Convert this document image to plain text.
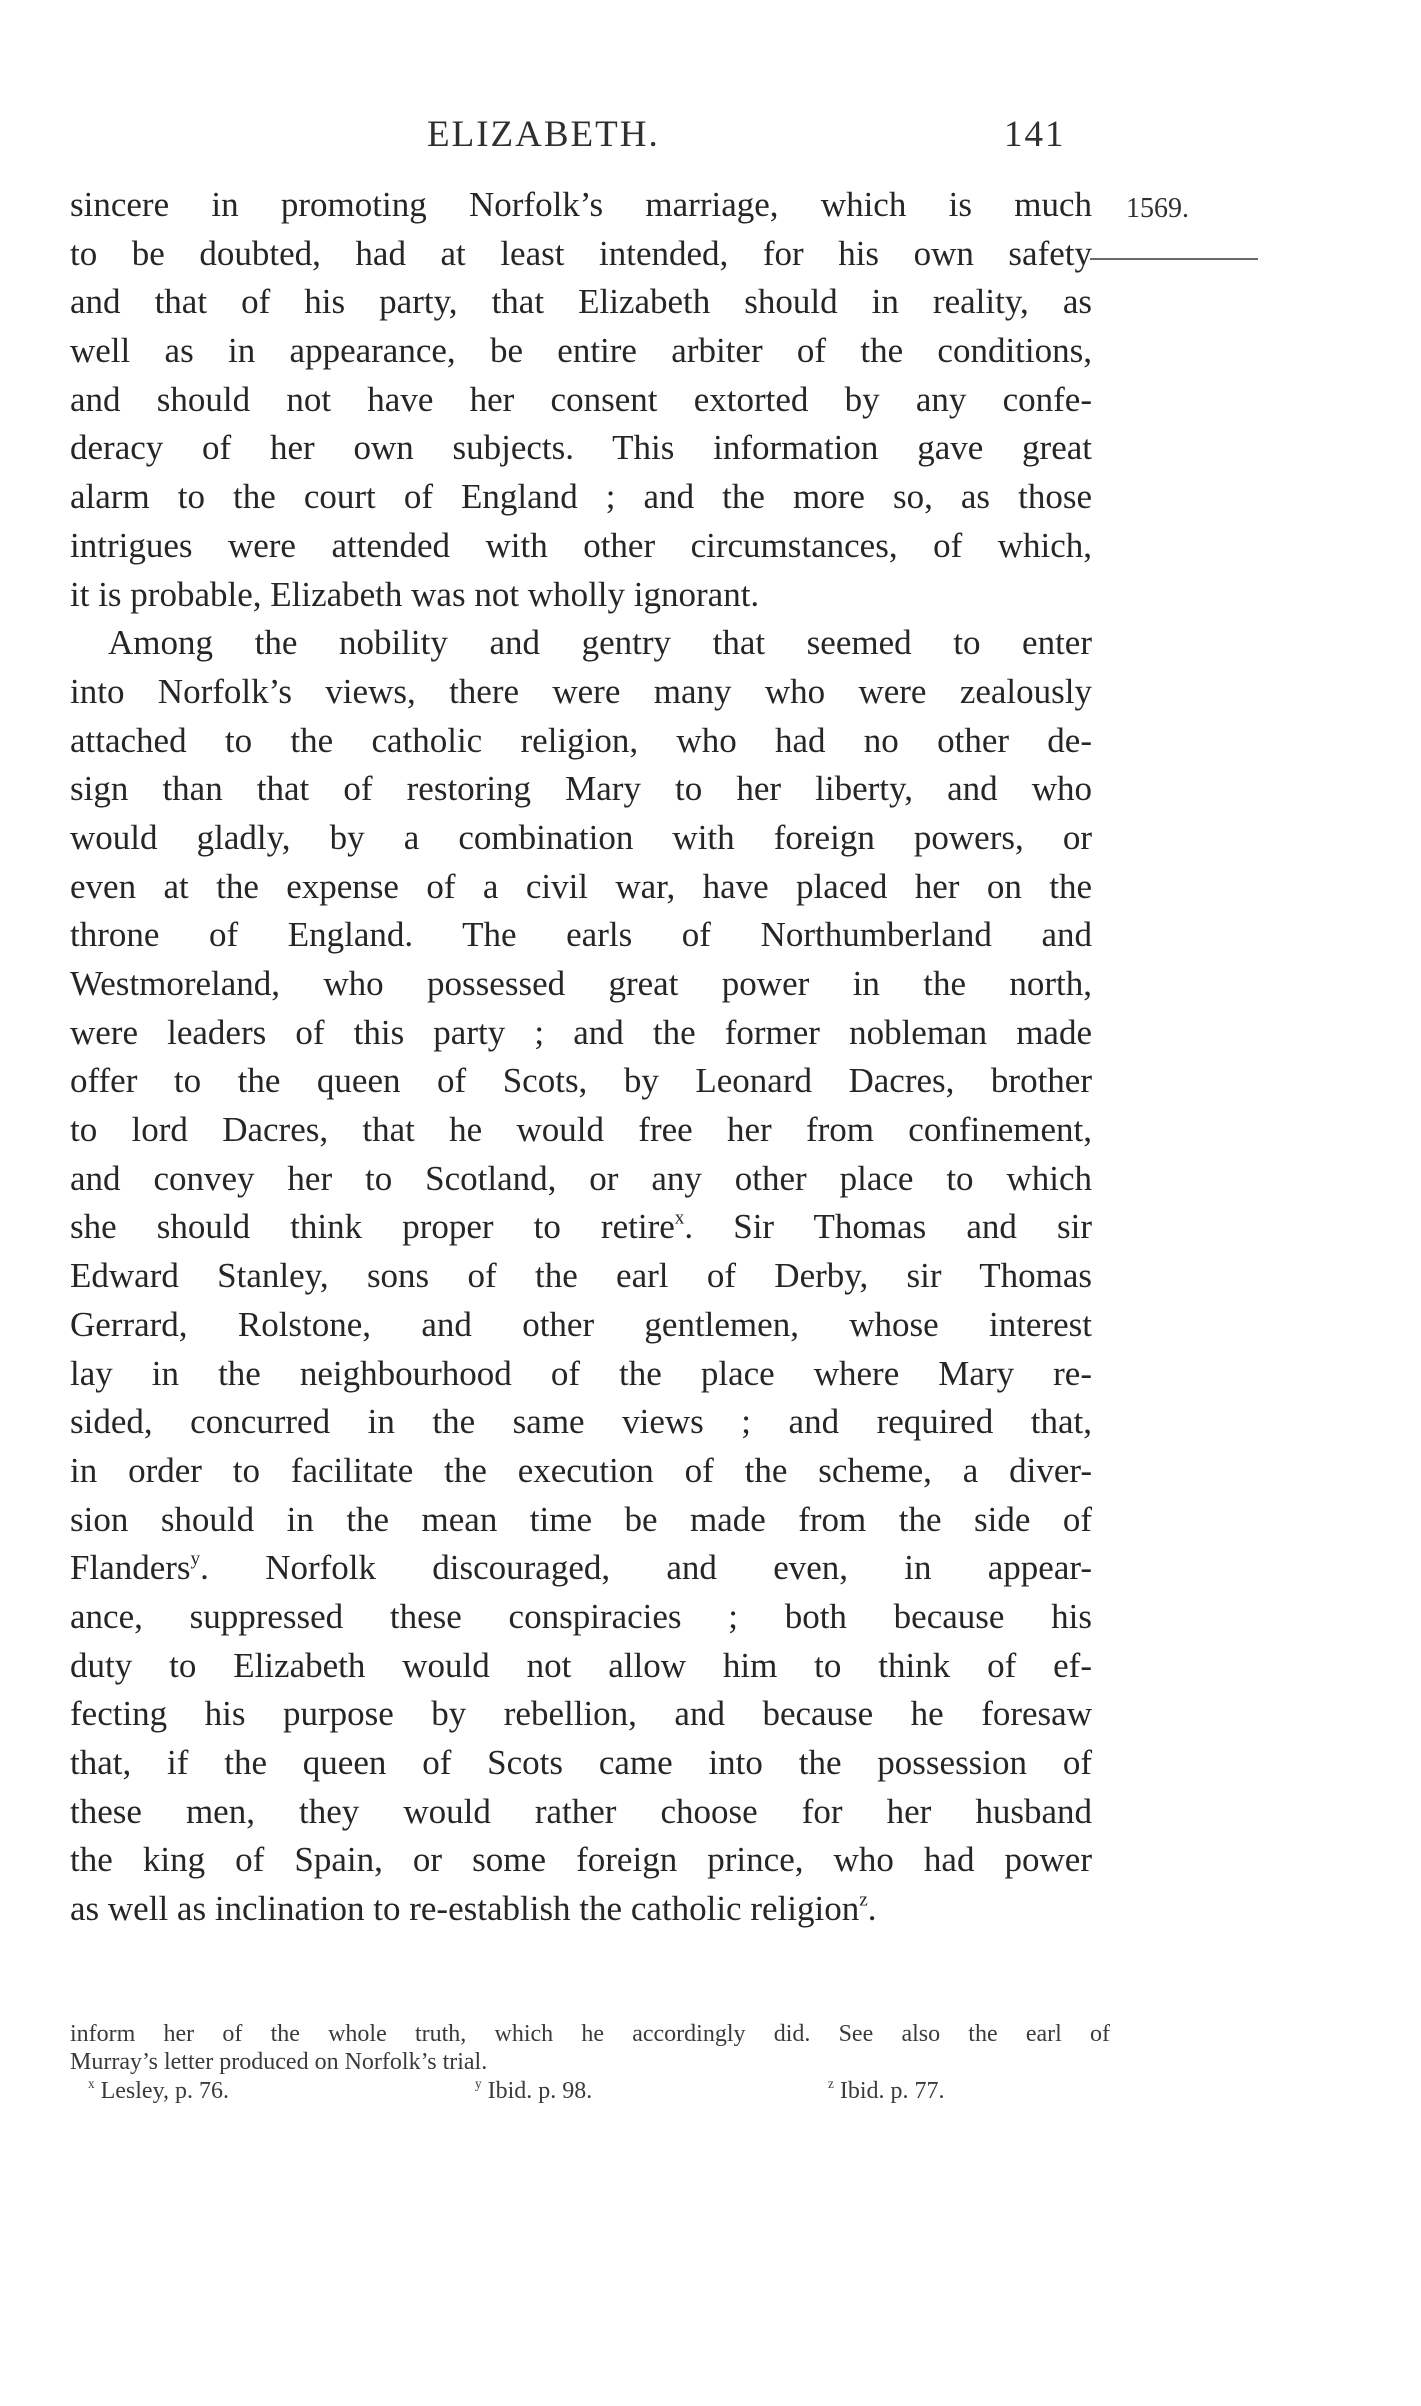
ELIZABETH.	141
1569.
sincere in promoting Norfolk’s marriage, which is much
to be doubted, had at least intended, for his own safety
and that of his party, that Elizabeth should in reality, as
well as in appearance, be entire arbiter of the conditions,
and should not have her consent extorted by any confe-
deracy of her own subjects. This information gave great
alarm to the court of England ; and the more so, as those
intrigues were attended with other circumstances, of which,
it is probable, Elizabeth was not wholly ignorant.
Among the nobility and gentry that seemed to enter
into Norfolk’s views, there were many who were zealously
attached to the catholic religion, who had no other de-
sign than that of restoring Mary to her liberty, and who
would gladly, by a combination with foreign powers, or
even at the expense of a civil war, have placed her on the
throne of England. The earls of Northumberland and
Westmoreland, who possessed great power in the north,
were leaders of this party ; and the former nobleman made
offer to the queen of Scots, by Leonard Dacres, brother
to lord Dacres, that he would free her from confinement,
and convey her to Scotland, or any other place to which
she should think proper to retire$^x$. Sir Thomas and sir
Edward Stanley, sons of the earl of Derby, sir Thomas
Gerrard, Rolstone, and other gentlemen, whose interest
lay in the neighbourhood of the place where Mary re-
sided, concurred in the same views ; and required that,
in order to facilitate the execution of the scheme, a diver-
sion should in the mean time be made from the side of
Flanders$^y$. Norfolk discouraged, and even, in appear-
ance, suppressed these conspiracies ; both because his
duty to Elizabeth would not allow him to think of ef-
fecting his purpose by rebellion, and because he foresaw
that, if the queen of Scots came into the possession of
these men, they would rather choose for her husband
the king of Spain, or some foreign prince, who had power
as well as inclination to re-establish the catholic religion$^z$.
inform her of the whole truth, which he accordingly did. See also the earl of
Murray’s letter produced on Norfolk’s trial.
$^x$ Lesley, p. 76.	$^y$ Ibid. p. 98.	$^z$ Ibid. p. 77.
